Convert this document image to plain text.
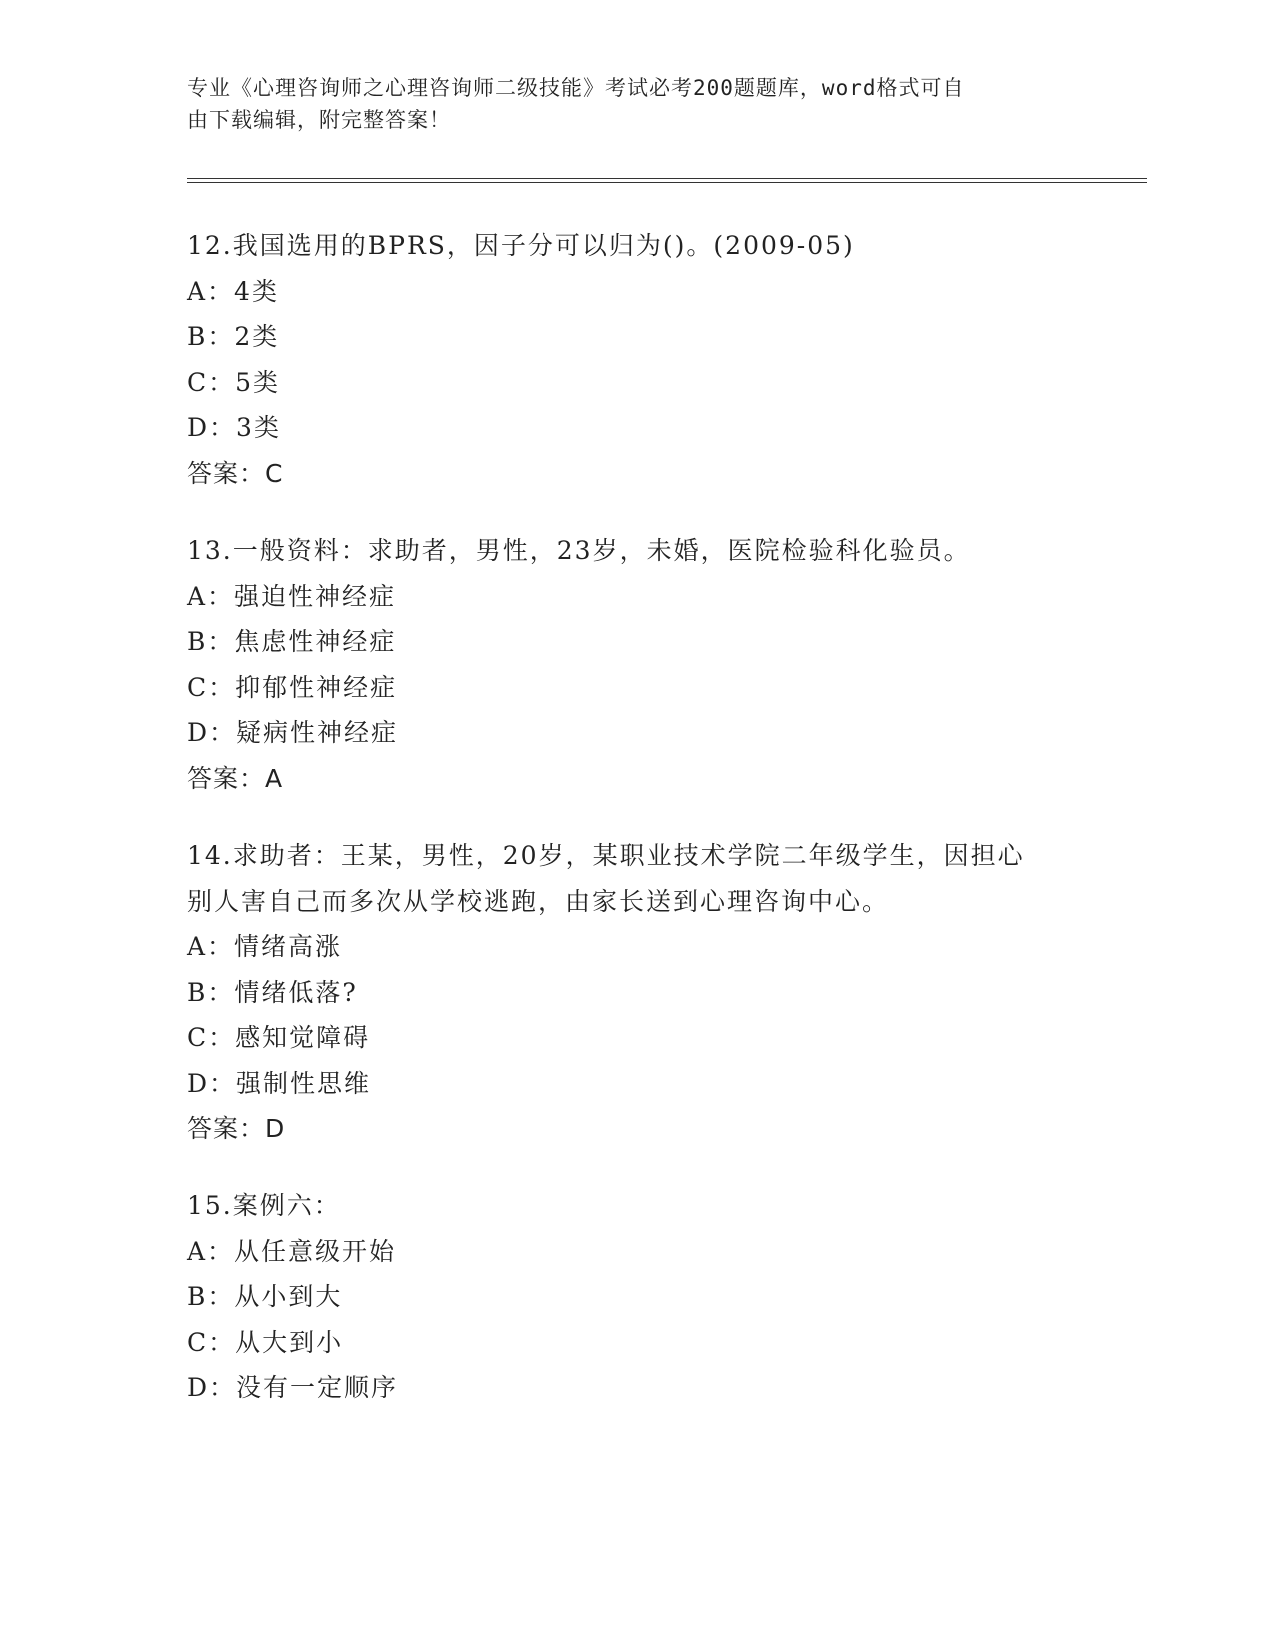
专业《心理咨询师之心理咨询师二级技能》考试必考200题题库，word格式可自
由下载编辑，附完整答案！
12.我国选用的BPRS，因子分可以归为()。(2009-05)
A：4类
B：2类
C：5类
D：3类
答案：C
13.一般资料：求助者，男性，23岁，未婚，医院检验科化验员。
A：强迫性神经症
B：焦虑性神经症
C：抑郁性神经症
D：疑病性神经症
答案：A
14.求助者：王某，男性，20岁，某职业技术学院二年级学生，因担心
别人害自己而多次从学校逃跑，由家长送到心理咨询中心。
A：情绪高涨
B：情绪低落?
C：感知觉障碍
D：强制性思维
答案：D
15.案例六：
A：从任意级开始
B：从小到大
C：从大到小
D：没有一定顺序
